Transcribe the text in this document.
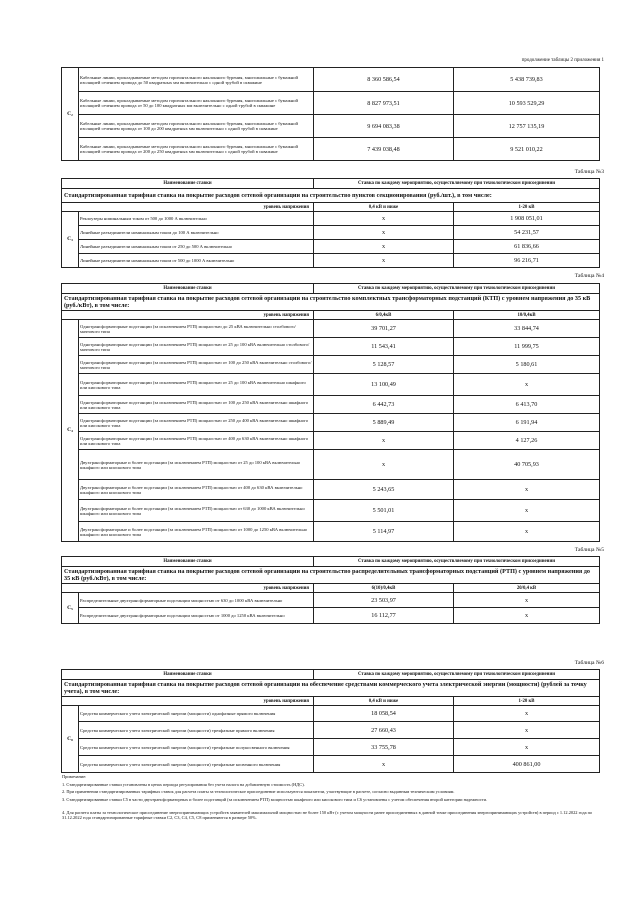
продолжение таблицы 2 приложения 1
C₂	Кабельные линии, прокладываемые методом горизонтального наклонного бурения, многожильные с бумажной изоляцией сечением провода до 50 квадратных мм включительно с одной трубой в скважине	8 360 586,54	5 438 739,83
	Кабельные линии, прокладываемые методом горизонтального наклонного бурения, многожильные с бумажной изоляцией сечением провода от 50 до 100 квадратных мм включительно с одной трубой в скважине	8 827 973,51	10 593 529,29
	Кабельные линии, прокладываемые методом горизонтального наклонного бурения, многожильные с бумажной изоляцией сечением провода от 100 до 200 квадратных мм включительно с одной трубой в скважине	9 694 083,38	12 757 135,19
	Кабельные линии, прокладываемые методом горизонтального наклонного бурения, многожильные с бумажной изоляцией сечением провода от 200 до 250 квадратных мм включительно с одной трубой в скважине	7 439 038,48	9 521 010,22
Таблица №3
Наименование ставки		Ставка по каждому мероприятию, осуществляемому при технологическом присоединении	
Стандартизированная тарифная ставка на покрытие расходов сетевой организации на строительство пунктов секционирования (руб./шт.), в том числе:			
уровень напряжения		0,4 кВ и ниже	1-20 кВ
C₃	Реклоузеры номинальным током от 500 до 1000 А включительно	x	1 908 051,01
	Линейные разъединители номинальным током до 100 А включительно	x	54 231,57
	Линейные разъединители номинальным током от 250 до 500 А включительно	x	61 836,66
	Линейные разъединители номинальным током от 500 до 1000 А включительно	x	96 216,71
Таблица №4
Наименование ставки		Ставка по каждому мероприятию, осуществляемому при технологическом присоединении	
Стандартизированная тарифная ставка на покрытие расходов сетевой организации на строительство комплектных трансформаторных подстанций (КТП) с уровнем напряжения до 35 кВ (руб./кВт), в том числе:			
уровень напряжения		6/0,4кВ	10/0,4кВ
C₄	Однотрансформаторные подстанции (за исключением РТП) мощностью до 25 кВА включительно столбового/мачтового типа	39 701,27	33 844,74
	Однотрансформаторные подстанции (за исключением РТП) мощностью от 25 до 100 кВА включительно столбового/мачтового типа	11 543,41	11 999,75
	Однотрансформаторные подстанции (за исключением РТП) мощностью от 100 до 250 кВА включительно столбового/мачтового типа	5 128,57	5 180,61
	Однотрансформаторные подстанции (за исключением РТП) мощностью от 25 до 100 кВА включительно шкафного или киоскового типа	13 100,49	x
	Однотрансформаторные подстанции (за исключением РТП) мощностью от 100 до 250 кВА включительно шкафного или киоскового типа	6 442,73	6 413,70
	Однотрансформаторные подстанции (за исключением РТП) мощностью от 250 до 400 кВА включительно шкафного или киоскового типа	5 889,49	6 191,94
	Однотрансформаторные подстанции (за исключением РТП) мощностью от 400 до 630 кВА включительно шкафного или киоскового типа	x	4 127,26
	Двухтрансформаторные и более подстанции (за исключением РТП) мощностью от 25 до 100 кВА включительно шкафного или киоскового типа	x	40 705,93
	Двухтрансформаторные и более подстанции (за исключением РТП) мощностью от 400 до 630 кВА включительно шкафного или киоскового типа	5 243,65	x
	Двухтрансформаторные и более подстанции (за исключением РТП) мощностью от 630 до 1000 кВА включительно шкафного или киоскового типа	5 501,01	x
	Двухтрансформаторные и более подстанции (за исключением РТП) мощностью от 1000 до 1250 кВА включительно шкафного или киоскового типа	5 114,97	x
Таблица №5
Наименование ставки		Ставка по каждому мероприятию, осуществляемому при технологическом присоединении	
Стандартизированная тарифная ставка на покрытие расходов сетевой организации на строительство распределительных трансформаторных подстанций (РТП) с уровнем напряжения до 35 кВ (руб./кВт), в том числе:			
уровень напряжения		6(10)/0,4кВ	20/0,4 кВ
C₅	Распределительные двухтрансформаторные подстанции мощностью от 630 до 1000 кВА включительно	23 503,97	x
	Распределительные двухтрансформаторные подстанции мощностью от 1000 до 1250 кВА включительно	16 112,77	x
Таблица №6
Наименование ставки		Ставка по каждому мероприятию, осуществляемому при технологическом присоединении	
Стандартизированная тарифная ставка на покрытие расходов сетевой организации на обеспечение средствами коммерческого учета электрической энергии (мощности) (рублей за точку учета), в том числе:			
уровень напряжения		0,4 кВ и ниже	1-20 кВ
C₈	Средства коммерческого учета электрической энергии (мощности) однофазные прямого включения	18 058,54	x
	Средства коммерческого учета электрической энергии (мощности) трехфазные прямого включения	27 660,43	x
	Средства коммерческого учета электрической энергии (мощности) трехфазные полукосвенного включения	33 755,78	x
	Средства коммерческого учета электрической энергии (мощности) трехфазные косвенного включения	x	400 861,00
Примечание:
1. Стандартизированные ставки установлены в ценах периода регулирования без учета налога на добавленную стоимость (НДС).
2. При применении стандартизированных тарифных ставок для расчета платы за технологическое присоединение используются показатели, участвующие в расчете, согласно выданным техническим условиям.
3. Стандартизированные ставки C5 в части двухтрансформаторных и более подстанций (за исключением РТП) мощностью шкафного или киоскового типа и C6 установлены с учетом обеспечения второй категории надежности.
4. Для расчета платы за технологическое присоединение энергопринимающих устройств заявителей максимальной мощностью не более 150 кВт (с учетом мощности ранее присоединенных в данной точке присоединения энергопринимающих устройств) в период с 1.12.2022 года по 31.12.2022 года стандартизированные тарифные ставки С2, С3, С4, С5, С8 применяются в размере 50%.
